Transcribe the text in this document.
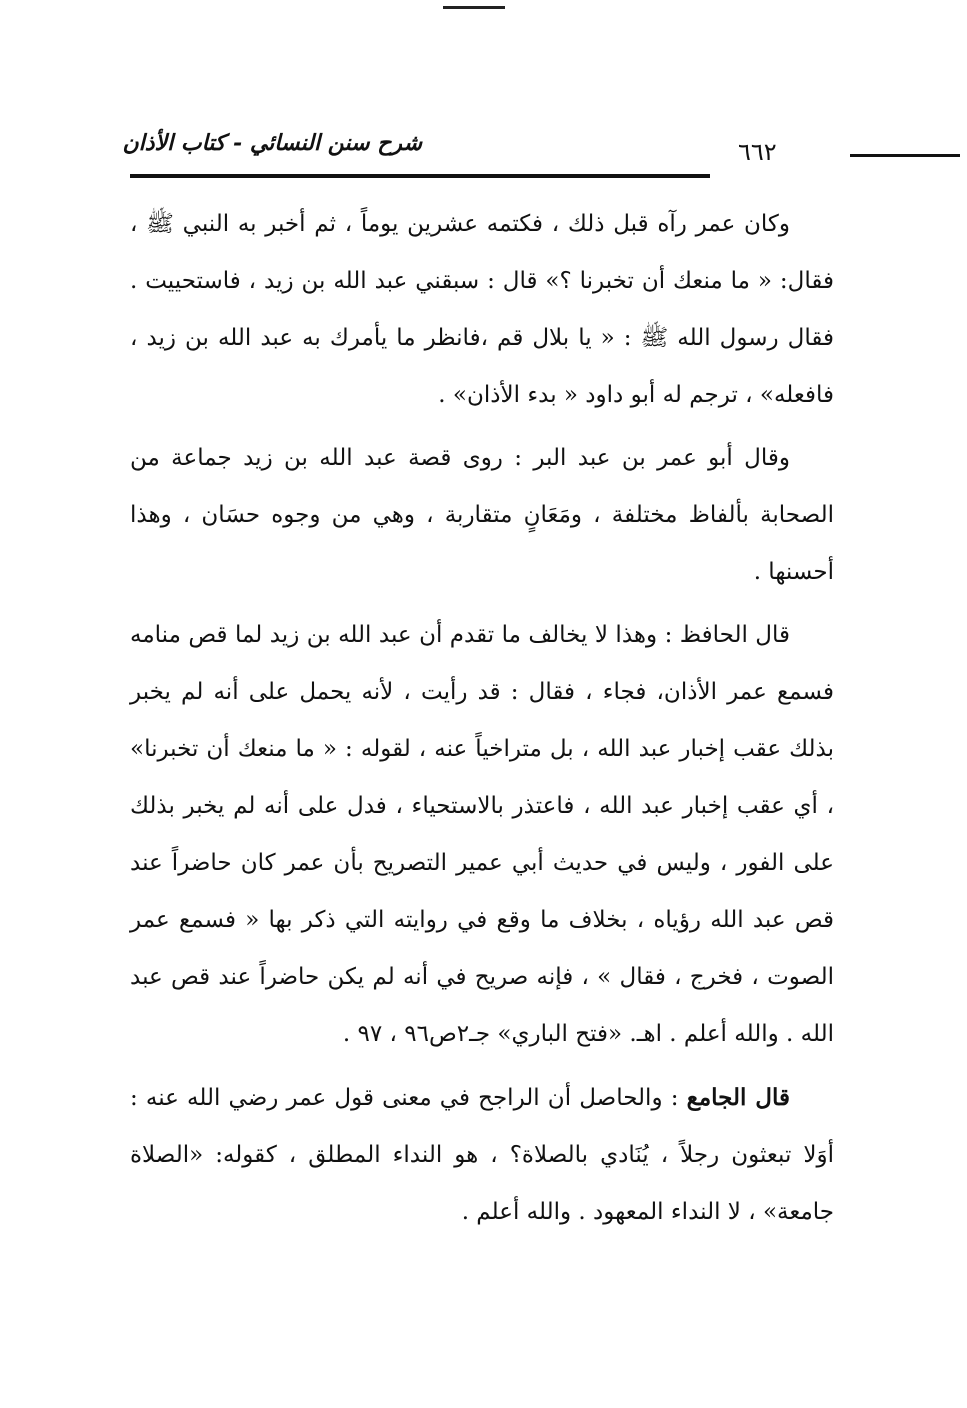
شرح سنن النسائي - كتاب الأذان	٦٦٢

وكان عمر رآه قبل ذلك ، فكتمه عشرين يوماً ، ثم أخبر به النبي ﷺ ، فقال: « ما منعك أن تخبرنا ؟» قال : سبقني عبد الله بن زيد ، فاستحييت . فقال رسول الله ﷺ : « يا بلال قم ،فانظر ما يأمرك به عبد الله بن زيد ، فافعله» ، ترجم له أبو داود « بدء الأذان» .

وقال أبو عمر بن عبد البر : روى قصة عبد الله بن زيد جماعة من الصحابة بألفاظ مختلفة ، ومَعَانٍ متقاربة ، وهي من وجوه حسَان ، وهذا أحسنها .

قال الحافظ : وهذا لا يخالف ما تقدم أن عبد الله بن زيد لما قص منامه فسمع عمر الأذان، فجاء ، فقال : قد رأيت ، لأنه يحمل على أنه لم يخبر بذلك عقب إخبار عبد الله ، بل متراخياً عنه ، لقوله : « ما منعك أن تخبرنا» ، أي عقب إخبار عبد الله ، فاعتذر بالاستحياء ، فدل على أنه لم يخبر بذلك على الفور ، وليس في حديث أبي عمير التصريح بأن عمر كان حاضراً عند قص عبد الله رؤياه ، بخلاف ما وقع في روايته التي ذكر بها « فسمع عمر الصوت ، فخرج ، فقال » ، فإنه صريح في أنه لم يكن حاضراً عند قص عبد الله . والله أعلم . اهـ. «فتح الباري» جـ٢ص٩٦ ، ٩٧ .

قال الجامع : والحاصل أن الراجح في معنى قول عمر رضي الله عنه : أوَلا تبعثون رجلاً ، يُنَادي بالصلاة؟ ، هو النداء المطلق ، كقوله: «الصلاة جامعة» ، لا النداء المعهود . والله أعلم .
